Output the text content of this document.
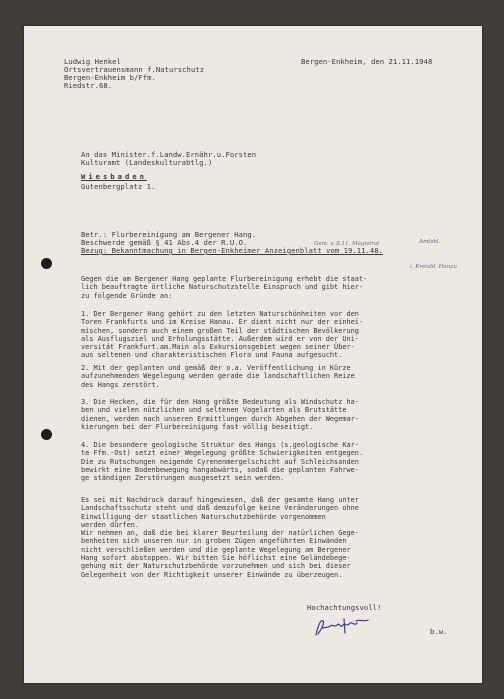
Ludwig Henkel
Ortsvertrauensmann f.Naturschutz
Bergen-Enkheim b/Ffm.
Riedstr.68.
Bergen-Enkheim, den 21.11.1948
An das Minister.f.Landw.Ernähr.u.Forsten
Kulturamt (Landeskulturabtlg.)
Wiesbaden
Gutenbergplatz 1.
Betr.: Flurbereinigung am Bergener Hang.
Beschwerde gemäß § 41 Abs.4 der R.U.O.
Bezug: Bekanntmachung in Bergen-Enkheimer Anzeigenblatt vom 19.11.48.
Gem. v. 8.11. Magistrat	Amtsbl.
i. Kreisbl. Hanau
Gegen die am Bergener Hang geplante Flurbereinigung erhebt die staat-
lich beauftragte örtliche Naturschutzstelle Einspruch und gibt hier-
zu folgende Gründe an:
1. Der Bergener Hang gehört zu den letzten Naturschönheiten vor den
Toren Frankfurts und im Kreise Hanau. Er dient nicht nur der einhei-
mischen, sondern auch einem großen Teil der städtischen Bevölkerung
als Ausflugsziel und Erholungsstätte. Außerdem wird er von der Uni-
versität Frankfurt.am.Main als Exkursionsgebiet wegen seiner Über-
aus seltenen und charakteristischen Flora und Fauna aufgesucht.
2. Mit der geplanten und gemäß der o.a. Veröffentlichung in Kürze
aufzunehmenden Wegelegung werden gerade die landschaftlichen Reize
des Hangs zerstört.
3. Die Hecken, die für den Hang größte Bedeutung als Windschutz ha-
ben und vielen nützlichen und seltenen Vogelarten als Brutstätte
dienen, werden nach unseren Ermittlungen durch Abgehen der Wegemar-
kierungen bei der Flurbereinigung fast völlig beseitigt.
4. Die besondere geologische Struktur des Hangs (s.geologische Kar-
te Ffm.-Ost) setzt einer Wegelegung größte Schwierigkeiten entgegen.
Die zu Rutschungen neigende Cyrenenmergelschicht auf Schleichsanden
bewirkt eine Bodenbewegung hangabwärts, sodaß die geplanten Fahrwe-
ge ständigen Zerstörungen ausgesetzt sein werden.
Es sei mit Nachdruck darauf hingewiesen, daß der gesamte Hang unter
Landschaftsschutz steht und daß demzufolge keine Veränderungen ohne
Einwilligung der staatlichen Naturschutzbehörde vorgenommen
werden dürfen.
Wir nehmen an, daß die bei klarer Beurteilung der natürlichen Gege-
benheiten sich unseren nur in groben Zügen angeführten Einwänden
nicht verschließen werden und die geplante Wegelegung am Bergener
Hang sofort abstoppen. Wir bitten Sie höflichst eine Geländebege-
gehung mit der Naturschutzbehörde vorzunehmen und sich bei dieser
Gelegenheit von der Richtigkeit unserer Einwände zu überzeugen.
Hochachtungsvoll!
b.w.
